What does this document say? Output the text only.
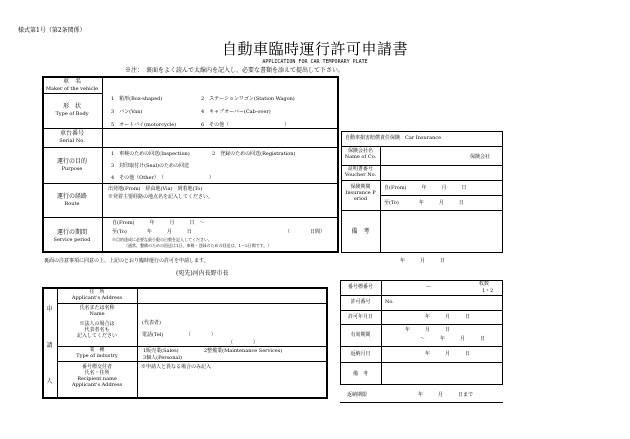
様式第1号（第2条関係）
自動車臨時運行許可申請書
APPLICATION FOR CAR TEMPORARY PLATE
※注：　裏面をよく読んで太線内を記入し、必要な書類を添えて提出して下さい。
車　名
Maker of the vehicle
形　状
Type of Body
1　箱形(Box-shaped)	2　ステーションワゴン(Station Wagon)
3　バン(Van)	4　キャブオーバー(Cab-over)
5　オートバイ(motorcycle)	6　その他（　　　　　　　　　　　）
車台番号
Serial No.
運行の目的
Purpose
1　車検のための回送(Inspection)	2　登録のための回送(Registration)
3　封印取付け(Seal)のための回送
4　その他（Other）　（　　　　　　　　　）
運行の経路
Route
出発地(From)　経由地(Via)　到着地(To)
※発着主要経路の地点名を記入してください。
運行の期間
Service period
自(From)　　　年　　　月　　　日　〜
至(To)　　　　年　　　月　　　日	（　　　　日間）
※目的達成に必要な最小限の日数を記入してください。
（通常、整備のための回送は1日、車検・登録のための回送は、1〜2日間です。）
自動車損害賠償責任保険　Car Insurance
保険会社名
Name of Co.	保険会社
証明書番号
Voucher No.
保険期間
Insurance P
eriod
自(From)　　　年　　　月　　　日
至(To)　　　　年　　　月　　　日
備　考
裏面の注意事項に同意の上、上記のとおり臨時運行の許可を申請します。	年　　　月　　　日
(宛先)河内長野市長
申
請
人
住　所
Applicant's Address
氏名または名称
Name
※法人の場合は
代表者名も
記入してください
(代表者)
電話(Tel)　　　　　（　　　　）
（　　　　）
業　種
Type of industry
1販売業(Sales)	2整備業(Maintenance Services)
3個人(Personal)
番号標交付者
氏名・住所
Recipient name
Applicant's Address
※申請人と異なる場合のみ記入
番号標番号	—	枚数
1・2
許可番号	No.
許可年月日	年　　　月　　　日
有効期間
年　　　月　　　日
〜　　　年　　　月　　　日
返納月日	年　　　月　　　日
備　考
返納期限	年　　　月　　　日まで
